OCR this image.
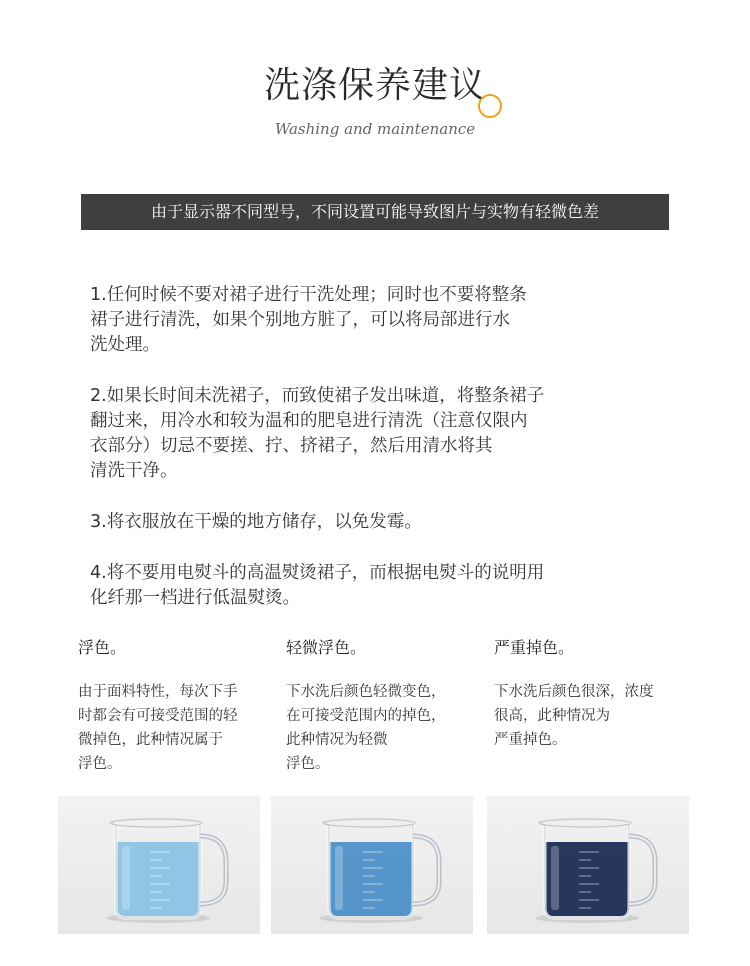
洗涤保养建议
Washing and maintenance
由于显示器不同型号，不同设置可能导致图片与实物有轻微色差

1.任何时候不要对裙子进行干洗处理；同时也不要将整条
裙子进行清洗，如果个别地方脏了，可以将局部进行水
洗处理。

2.如果长时间未洗裙子，而致使裙子发出味道，将整条裙子
翻过来，用冷水和较为温和的肥皂进行清洗（注意仅限内
衣部分）切忌不要搓、拧、挤裙子，然后用清水将其
清洗干净。

3.将衣服放在干燥的地方储存，以免发霉。

4.将不要用电熨斗的高温熨烫裙子，而根据电熨斗的说明用
化纤那一档进行低温熨烫。

浮色。
由于面料特性，每次下手
时都会有可接受范围的轻
微掉色，此种情况属于
浮色。
轻微浮色。
下水洗后颜色轻微变色，
在可接受范围内的掉色，
此种情况为轻微
浮色。
严重掉色。
下水洗后颜色很深，浓度
很高，此种情况为
严重掉色。
